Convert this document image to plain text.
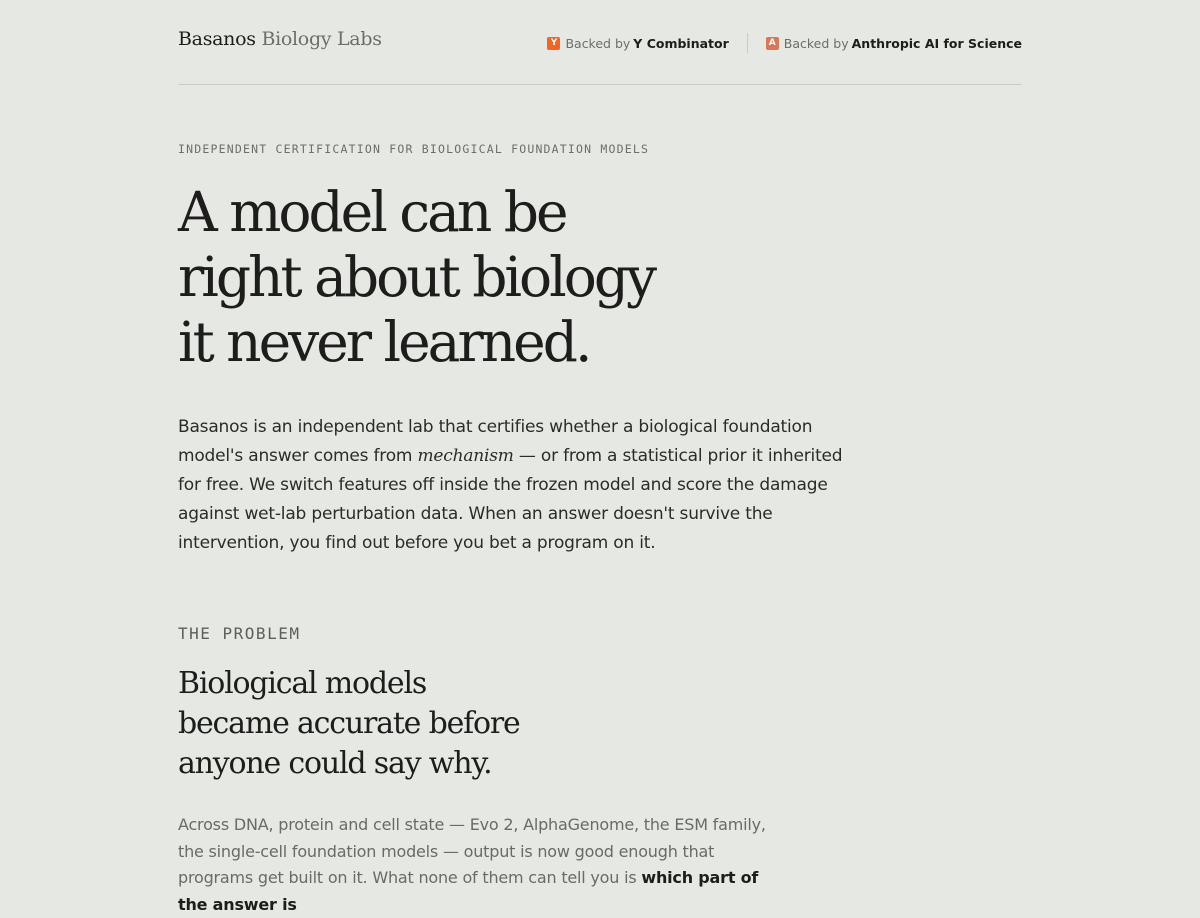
Basanos Biology Labs	Y Backed by Y Combinator	A Backed by Anthropic AI for Science
INDEPENDENT CERTIFICATION FOR BIOLOGICAL FOUNDATION MODELS
A model can be
right about biology
it never learned.

Basanos is an independent lab that certifies whether a biological foundation model's answer comes from mechanism — or from a statistical prior it inherited for free. We switch features off inside the frozen model and score the damage against wet-lab perturbation data. When an answer doesn't survive the intervention, you find out before you bet a program on it.

THE PROBLEM
Biological models
became accurate before
anyone could say why.

Across DNA, protein and cell state — Evo 2, AlphaGenome, the ESM family, the single-cell foundation models — output is now good enough that programs get built on it. What none of them can tell you is which part of the answer is
